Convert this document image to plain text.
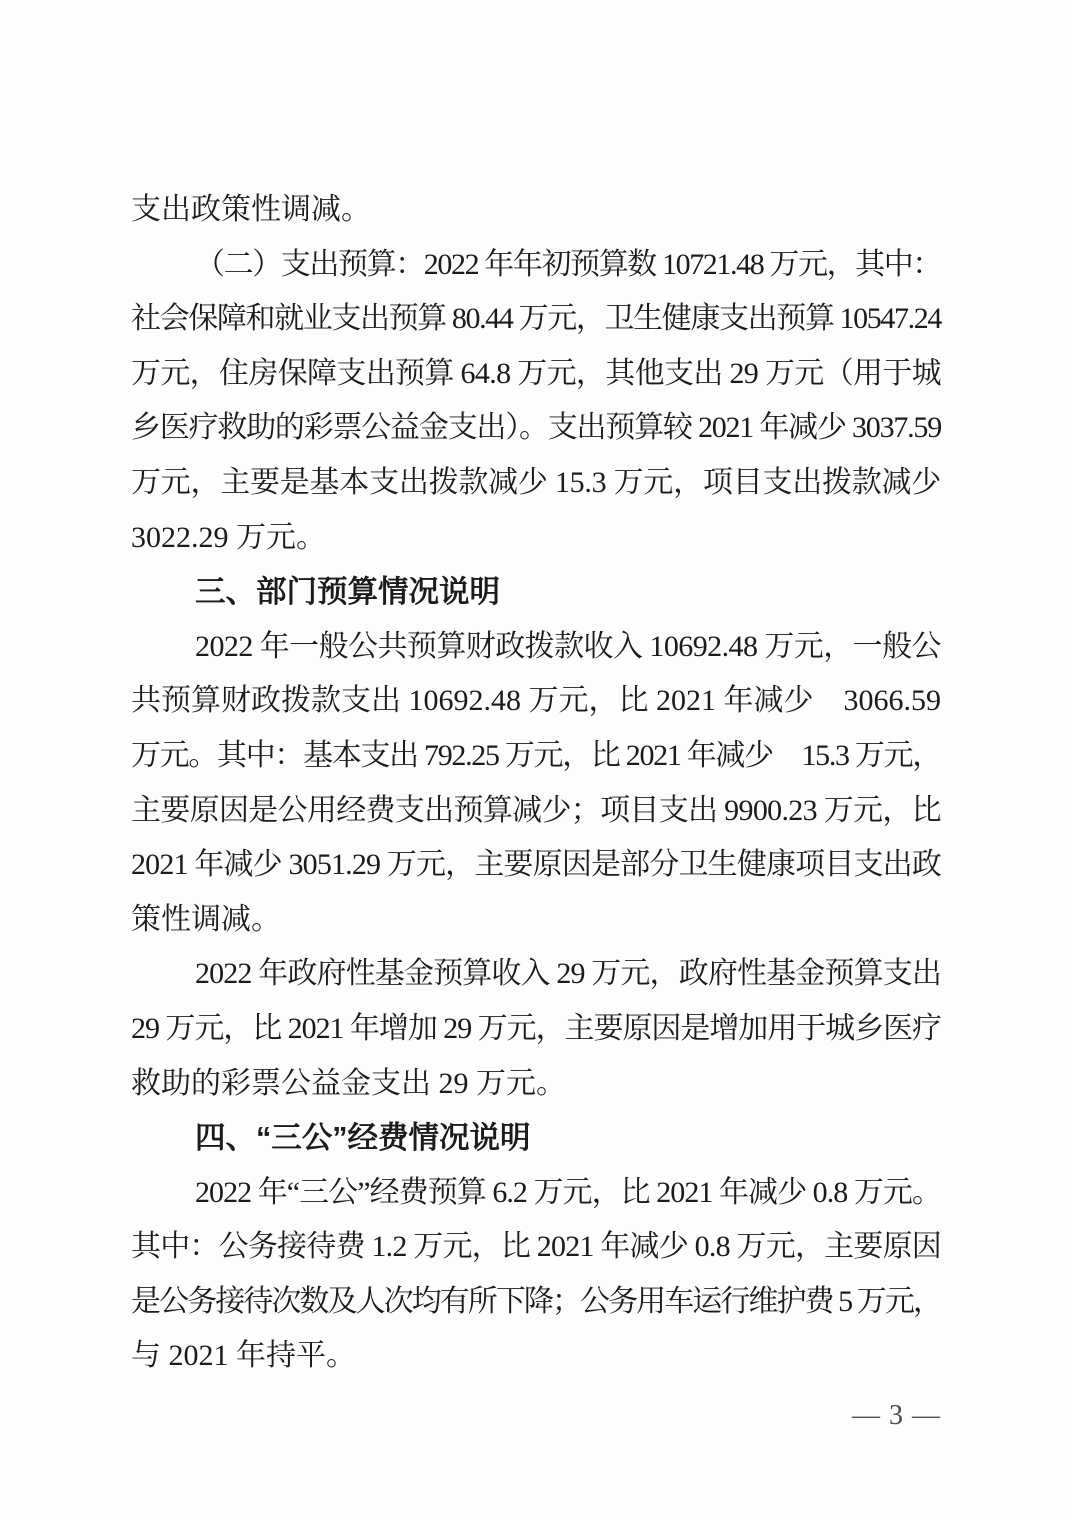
支出政策性调减。
（二）支出预算：2022 年年初预算数 10721.48 万元，其中：
社会保障和就业支出预算 80.44 万元，卫生健康支出预算 10547.24
万元，住房保障支出预算 64.8 万元，其他支出 29 万元（用于城
乡医疗救助的彩票公益金支出）。支出预算较 2021 年减少 3037.59
万元，主要是基本支出拨款减少 15.3 万元，项目支出拨款减少
3022.29 万元。
三、部门预算情况说明
2022 年一般公共预算财政拨款收入 10692.48 万元，一般公
共预算财政拨款支出 10692.48 万元，比 2021 年减少　3066.59
万元。其中：基本支出 792.25 万元，比 2021 年减少　15.3 万元，
主要原因是公用经费支出预算减少；项目支出 9900.23 万元，比
2021 年减少 3051.29 万元，主要原因是部分卫生健康项目支出政
策性调减。
2022 年政府性基金预算收入 29 万元，政府性基金预算支出
29 万元，比 2021 年增加 29 万元，主要原因是增加用于城乡医疗
救助的彩票公益金支出 29 万元。
四、“三公”经费情况说明
2022 年“三公”经费预算 6.2 万元，比 2021 年减少 0.8 万元。
其中：公务接待费 1.2 万元，比 2021 年减少 0.8 万元，主要原因
是公务接待次数及人次均有所下降；公务用车运行维护费 5 万元，
与 2021 年持平。
— 3 —
